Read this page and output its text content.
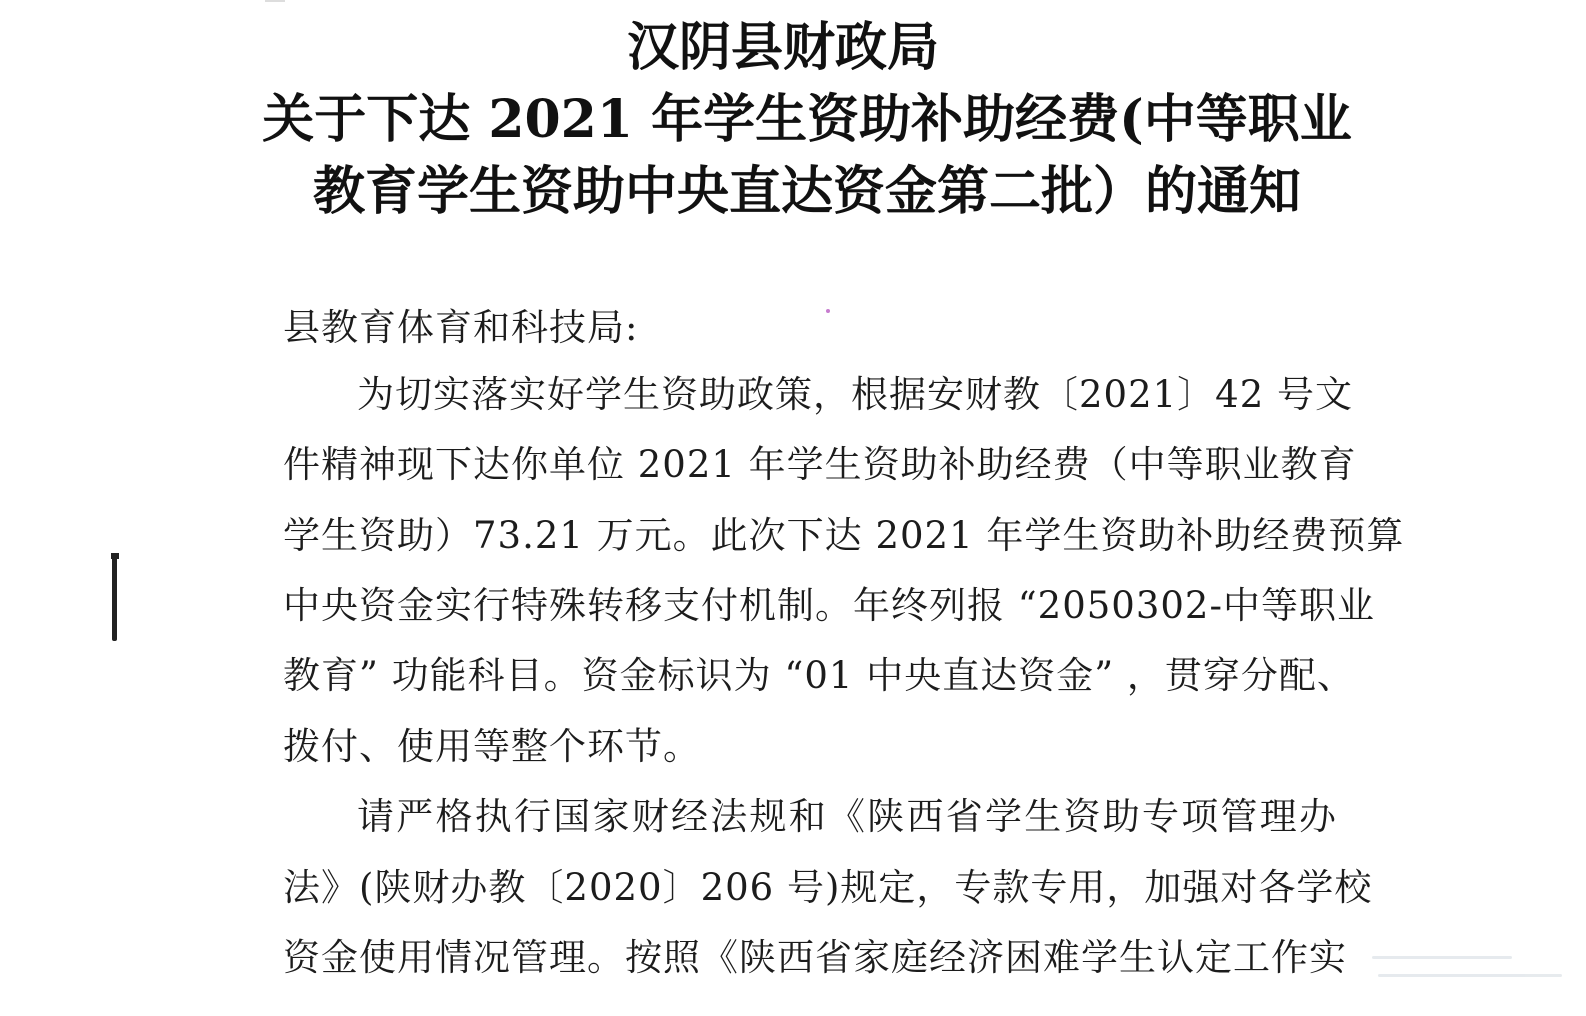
汉阴县财政局
关于下达 2021 年学生资助补助经费(中等职业
教育学生资助中央直达资金第二批）的通知
县教育体育和科技局:
为切实落实好学生资助政策，根据安财教〔2021〕42 号文
件精神现下达你单位 2021 年学生资助补助经费（中等职业教育
学生资助）73.21 万元。此次下达 2021 年学生资助补助经费预算
中央资金实行特殊转移支付机制。年终列报 “2050302-中等职业
教育” 功能科目。资金标识为 “01 中央直达资金” ，贯穿分配、
拨付、使用等整个环节。
请严格执行国家财经法规和《陕西省学生资助专项管理办
法》(陕财办教〔2020〕206 号)规定，专款专用，加强对各学校
资金使用情况管理。按照《陕西省家庭经济困难学生认定工作实
